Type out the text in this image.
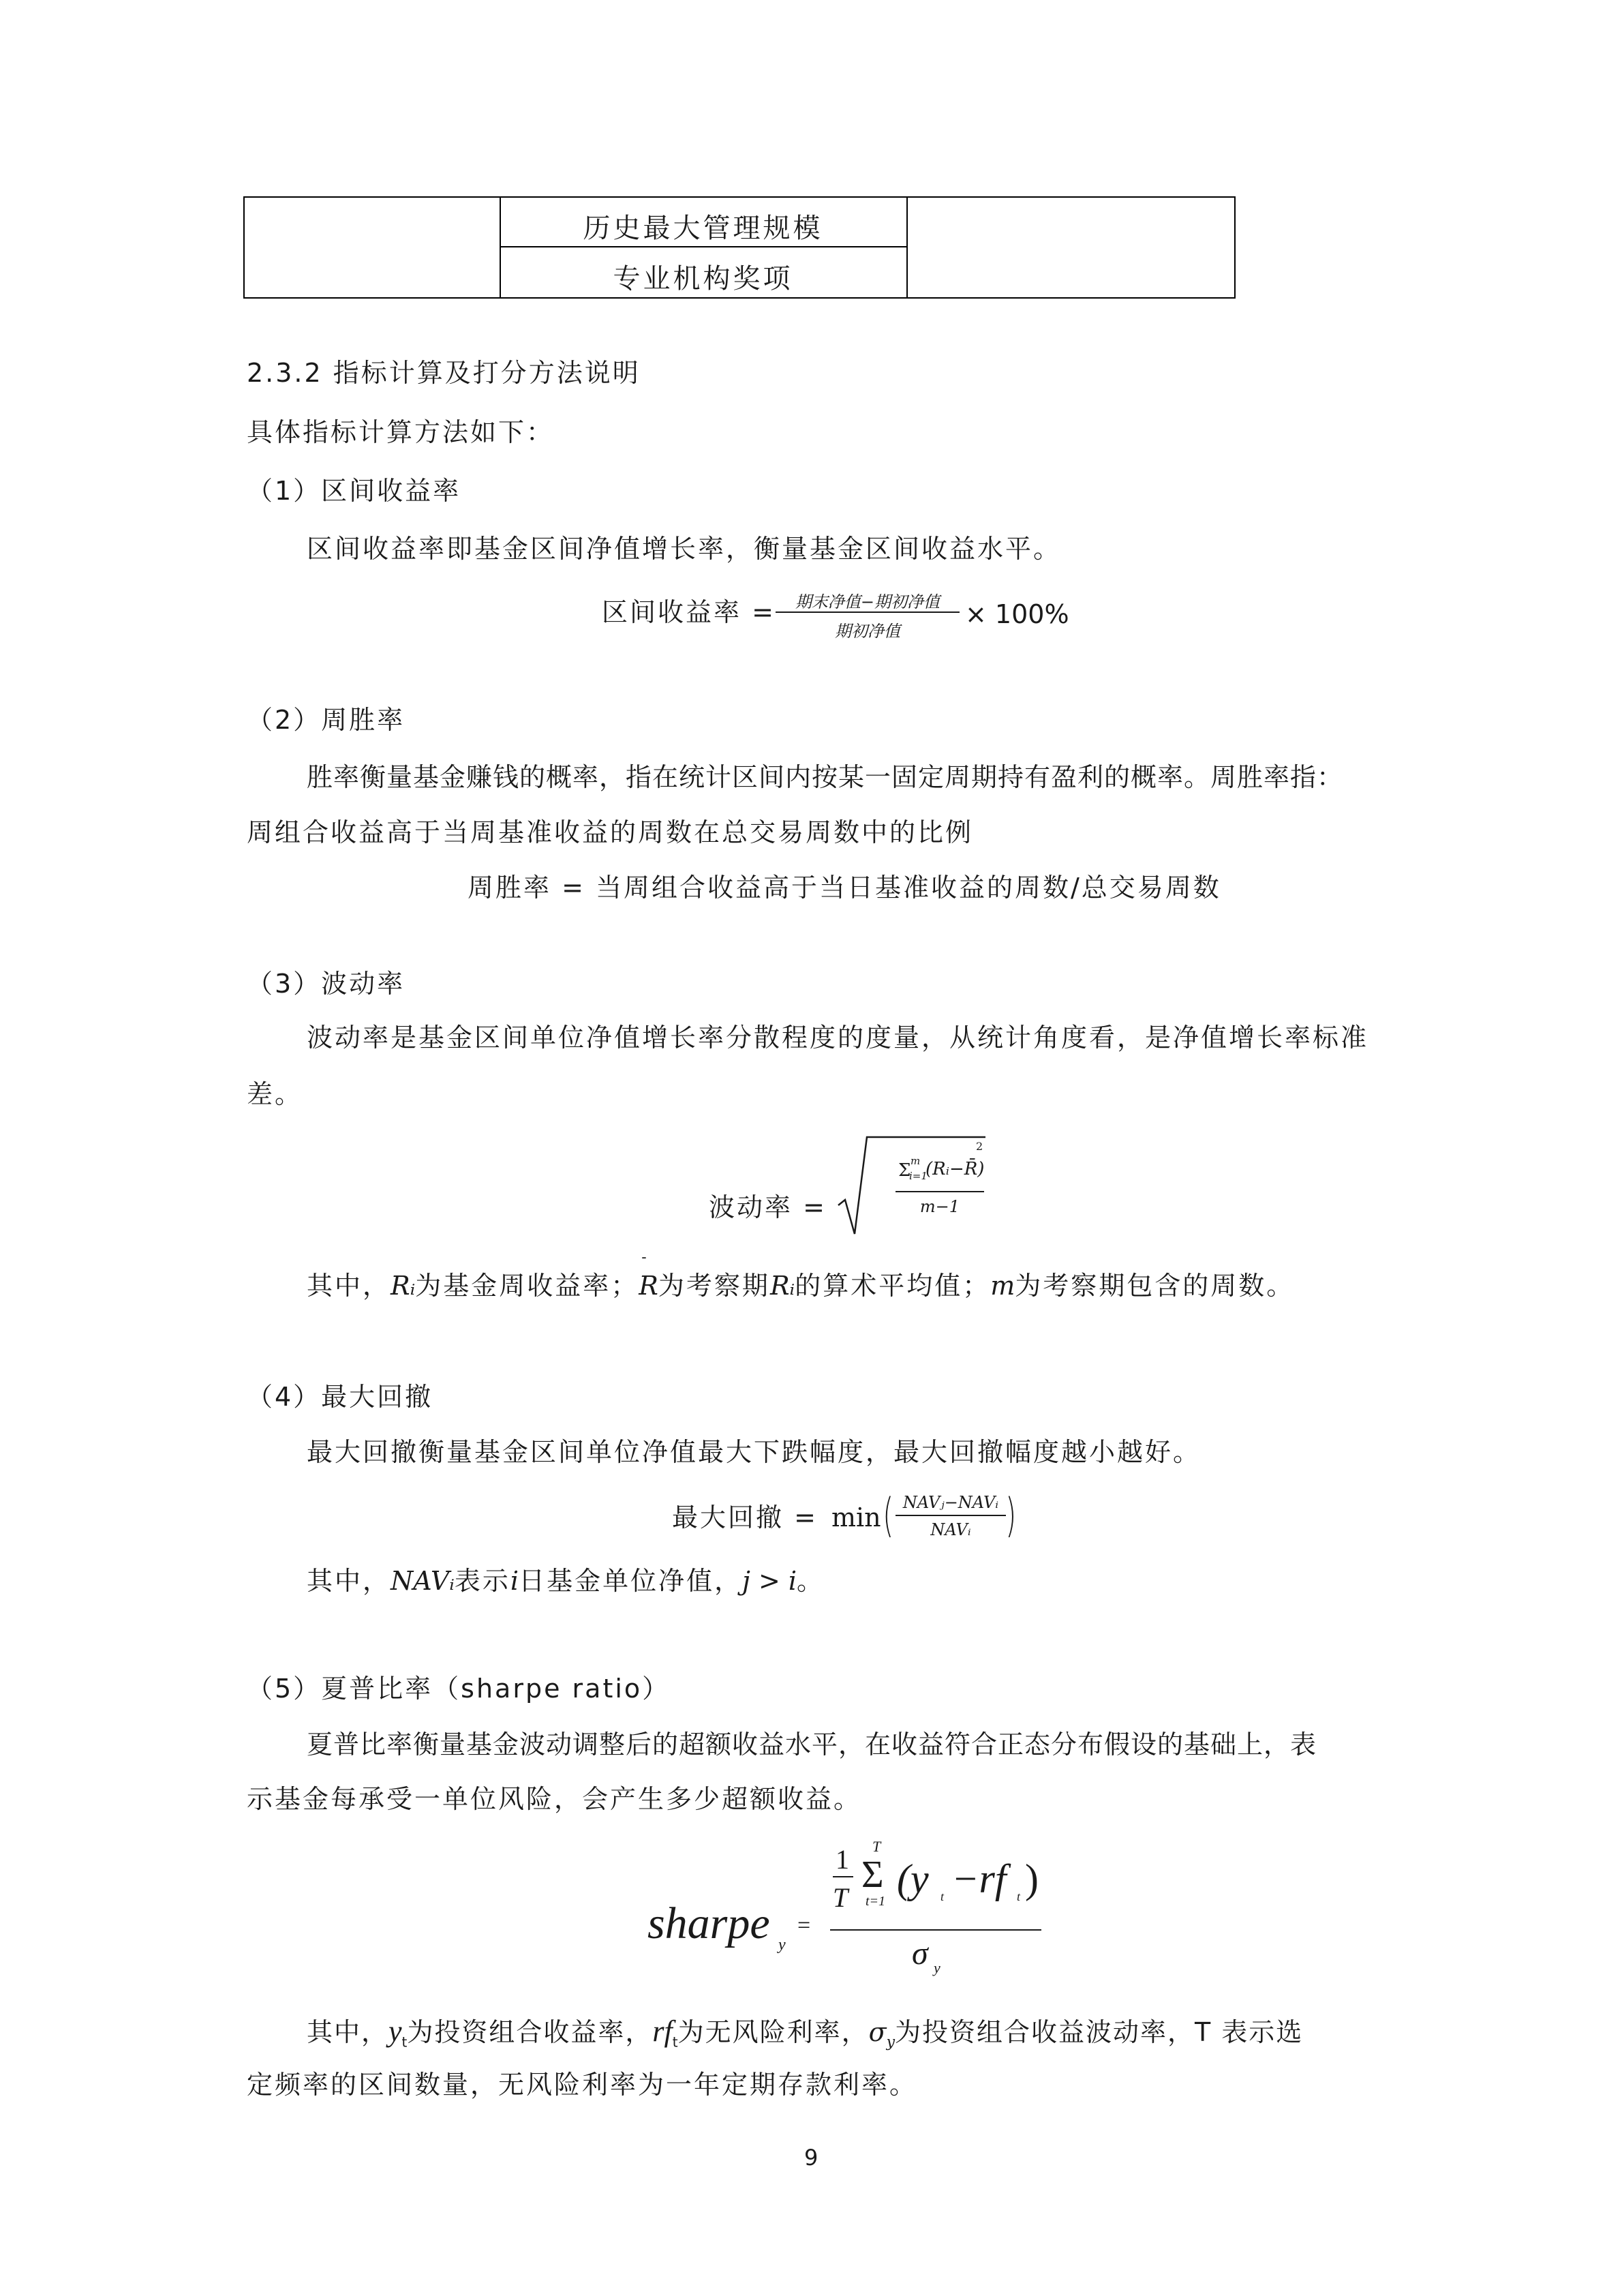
历史最大管理规模
专业机构奖项
2.3.2 指标计算及打分方法说明
具体指标计算方法如下：
（1）区间收益率
区间收益率即基金区间净值增长率，衡量基金区间收益水平。
区间收益率 =	期末净值−期初净值
期初净值
× 100%
（2）周胜率
胜率衡量基金赚钱的概率，指在统计区间内按某一固定周期持有盈利的概率。周胜率指：
周组合收益高于当周基准收益的周数在总交易周数中的比例
周胜率 = 当周组合收益高于当日基准收益的周数/总交易周数
（3）波动率
波动率是基金区间单位净值增长率分散程度的度量，从统计角度看，是净值增长率标准
差。
波动率 =
Σ m
i=1
(Rᵢ−R̄)
2
m−1
其中，Rᵢ为基金周收益率；
-
R为考察期Rᵢ的算术平均值；m为考察期包含的周数。
（4）最大回撤
最大回撤衡量基金区间单位净值最大下跌幅度，最大回撤幅度越小越好。
最大回撤 = min ( NAVⱼ−NAVᵢ
NAVᵢ )
其中，NAVᵢ表示i日基金单位净值，j > i。
（5）夏普比率（sharpe ratio）
夏普比率衡量基金波动调整后的超额收益水平，在收益符合正态分布假设的基础上，表
示基金每承受一单位风险，会产生多少超额收益。
sharpe y
=
1
T
Σ
T
t=1 (y t −rf t )
σ y
其中，$y_t$为投资组合收益率，$rf_t$为无风险利率，$\sigma_y$为投资组合收益波动率，T 表示选
定频率的区间数量，无风险利率为一年定期存款利率。
9
